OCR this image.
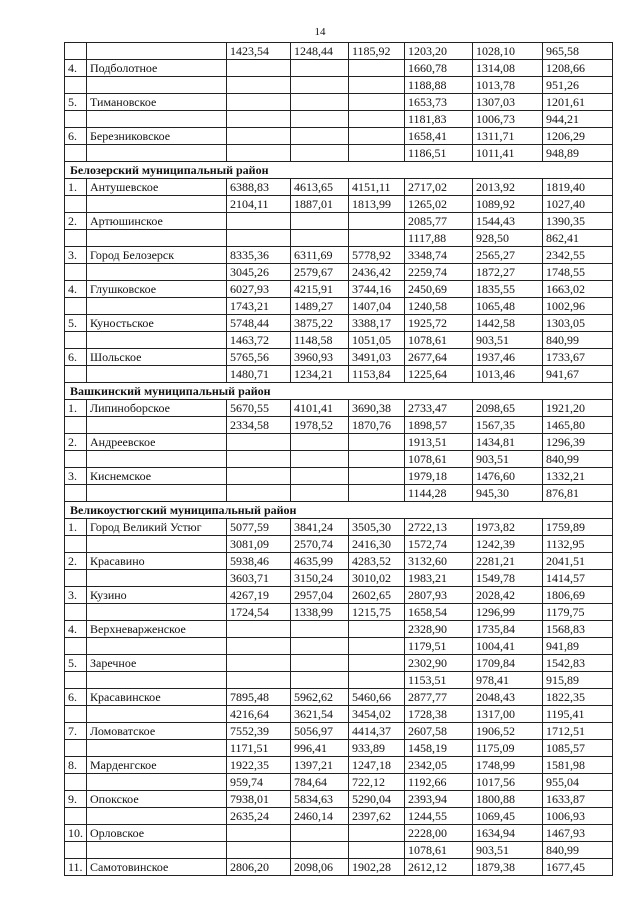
14
		1423,54	1248,44	1185,92	1203,20	1028,10	965,58
4.	Подболотное				1660,78	1314,08	1208,66
					1188,88	1013,78	951,26
5.	Тимановское				1653,73	1307,03	1201,61
					1181,83	1006,73	944,21
6.	Березниковское				1658,41	1311,71	1206,29
					1186,51	1011,41	948,89
Белозерский муниципальный район							
1.	Антушевское	6388,83	4613,65	4151,11	2717,02	2013,92	1819,40
		2104,11	1887,01	1813,99	1265,02	1089,92	1027,40
2.	Артюшинское				2085,77	1544,43	1390,35
					1117,88	928,50	862,41
3.	Город Белозерск	8335,36	6311,69	5778,92	3348,74	2565,27	2342,55
		3045,26	2579,67	2436,42	2259,74	1872,27	1748,55
4.	Глушковское	6027,93	4215,91	3744,16	2450,69	1835,55	1663,02
		1743,21	1489,27	1407,04	1240,58	1065,48	1002,96
5.	Куностьское	5748,44	3875,22	3388,17	1925,72	1442,58	1303,05
		1463,72	1148,58	1051,05	1078,61	903,51	840,99
6.	Шольское	5765,56	3960,93	3491,03	2677,64	1937,46	1733,67
		1480,71	1234,21	1153,84	1225,64	1013,46	941,67
Вашкинский муниципальный район							
1.	Липиноборское	5670,55	4101,41	3690,38	2733,47	2098,65	1921,20
		2334,58	1978,52	1870,76	1898,57	1567,35	1465,80
2.	Андреевское				1913,51	1434,81	1296,39
					1078,61	903,51	840,99
3.	Киснемское				1979,18	1476,60	1332,21
					1144,28	945,30	876,81
Великоустюгский муниципальный район							
1.	Город Великий Устюг	5077,59	3841,24	3505,30	2722,13	1973,82	1759,89
		3081,09	2570,74	2416,30	1572,74	1242,39	1132,95
2.	Красавино	5938,46	4635,99	4283,52	3132,60	2281,21	2041,51
		3603,71	3150,24	3010,02	1983,21	1549,78	1414,57
3.	Кузино	4267,19	2957,04	2602,65	2807,93	2028,42	1806,69
		1724,54	1338,99	1215,75	1658,54	1296,99	1179,75
4.	Верхневарженское				2328,90	1735,84	1568,83
					1179,51	1004,41	941,89
5.	Заречное				2302,90	1709,84	1542,83
					1153,51	978,41	915,89
6.	Красавинское	7895,48	5962,62	5460,66	2877,77	2048,43	1822,35
		4216,64	3621,54	3454,02	1728,38	1317,00	1195,41
7.	Ломоватское	7552,39	5056,97	4414,37	2607,58	1906,52	1712,51
		1171,51	996,41	933,89	1458,19	1175,09	1085,57
8.	Марденгское	1922,35	1397,21	1247,18	2342,05	1748,99	1581,98
		959,74	784,64	722,12	1192,66	1017,56	955,04
9.	Опокское	7938,01	5834,63	5290,04	2393,94	1800,88	1633,87
		2635,24	2460,14	2397,62	1244,55	1069,45	1006,93
10.	Орловское				2228,00	1634,94	1467,93
					1078,61	903,51	840,99
11.	Самотовинское	2806,20	2098,06	1902,28	2612,12	1879,38	1677,45
